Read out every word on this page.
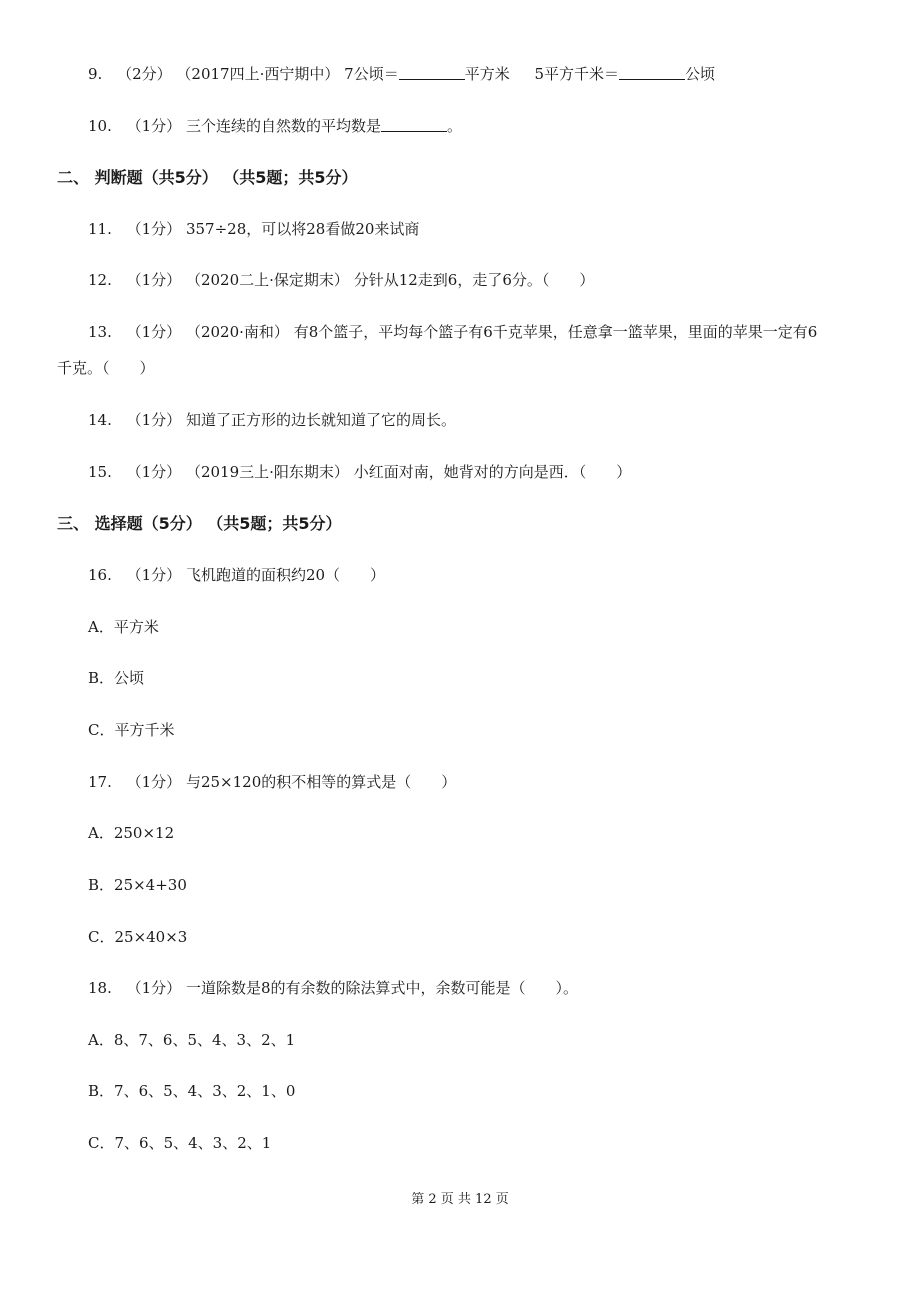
9. （2分） （2017四上·西宁期中） 7公顷＝	平方米 5平方千米＝	公顷
10. （1分） 三个连续的自然数的平均数是	。
二、 判断题（共5分） （共5题；共5分）
11. （1分） 357÷28，可以将28看做20来试商
12. （1分） （2020二上·保定期末） 分针从12走到6，走了6分。（　　）
13. （1分） （2020·南和） 有8个篮子，平均每个篮子有6千克苹果，任意拿一篮苹果，里面的苹果一定有6
千克。（　　）
14. （1分） 知道了正方形的边长就知道了它的周长。
15. （1分） （2019三上·阳东期末） 小红面对南，她背对的方向是西．（　　）
三、 选择题（5分） （共5题；共5分）
16. （1分） 飞机跑道的面积约20（　　）
A．平方米
B．公顷
C．平方千米
17. （1分） 与25×120的积不相等的算式是（　　）
A．250×12
B．25×4+30
C．25×40×3
18. （1分） 一道除数是8的有余数的除法算式中，余数可能是（　　）。
A．8、7、6、5、4、3、2、1
B．7、6、5、4、3、2、1、0
C．7、6、5、4、3、2、1
第 2 页 共 12 页
